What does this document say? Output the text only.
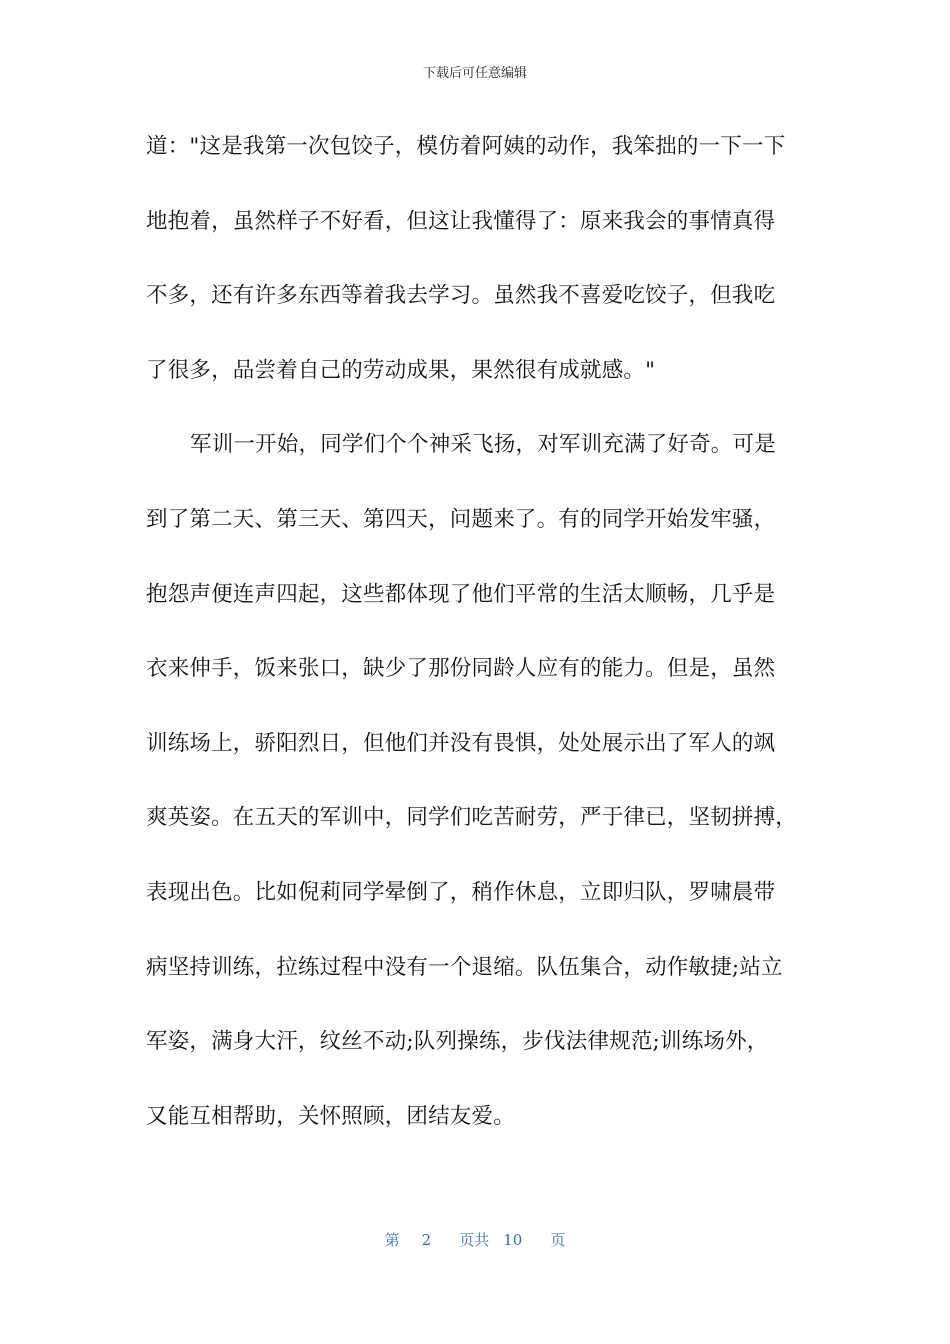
下载后可任意编辑
道："这是我第一次包饺子，模仿着阿姨的动作，我笨拙的一下一下
地抱着，虽然样子不好看，但这让我懂得了：原来我会的事情真得
不多，还有许多东西等着我去学习。虽然我不喜爱吃饺子，但我吃
了很多，品尝着自己的劳动成果，果然很有成就感。"
军训一开始，同学们个个神采飞扬，对军训充满了好奇。可是
到了第二天、第三天、第四天，问题来了。有的同学开始发牢骚，
抱怨声便连声四起，这些都体现了他们平常的生活太顺畅，几乎是
衣来伸手，饭来张口，缺少了那份同龄人应有的能力。但是，虽然
训练场上，骄阳烈日，但他们并没有畏惧，处处展示出了军人的飒
爽英姿。在五天的军训中，同学们吃苦耐劳，严于律已，坚韧拼搏，
表现出色。比如倪莉同学晕倒了，稍作休息，立即归队，罗啸晨带
病坚持训练，拉练过程中没有一个退缩。队伍集合，动作敏捷;站立
军姿，满身大汗，纹丝不动;队列操练，步伐法律规范;训练场外，
又能互相帮助，关怀照顾，团结友爱。
第 2 页共 10 页
